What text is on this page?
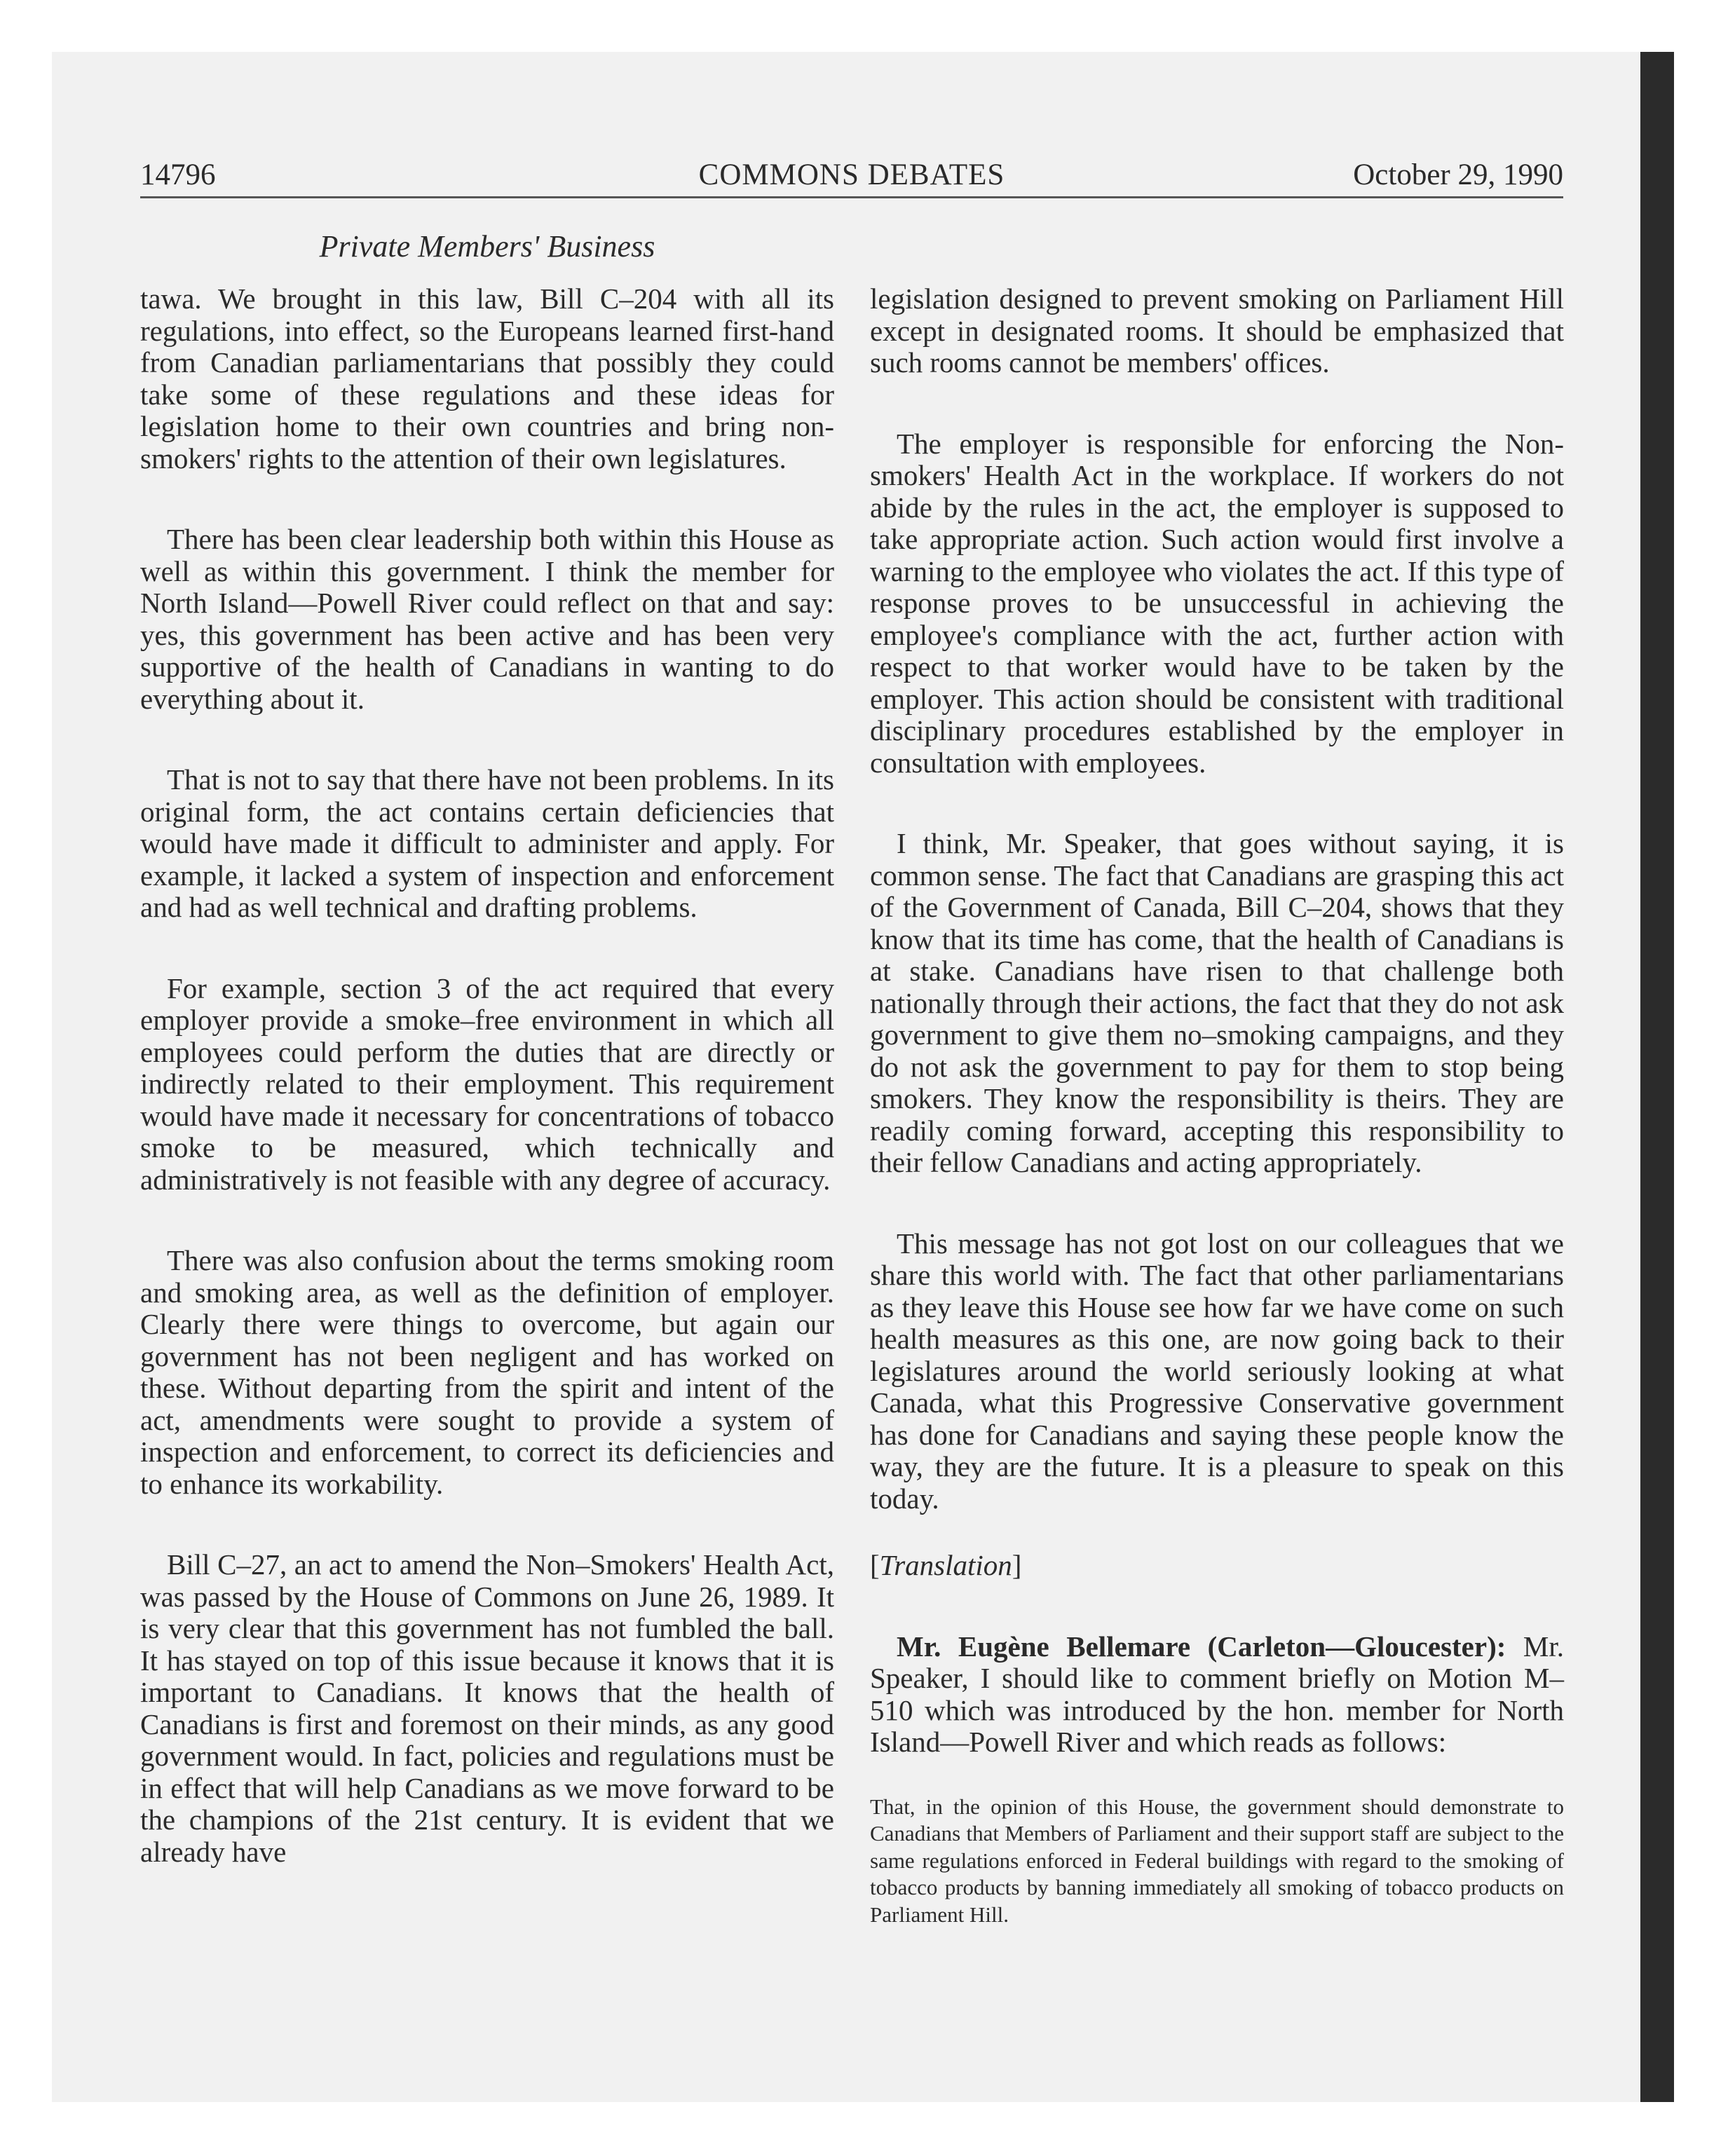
14796	COMMONS DEBATES	October 29, 1990
Private Members' Business

tawa. We brought in this law, Bill C–204 with all its regulations, into effect, so the Europeans learned first-hand from Canadian parliamentarians that possibly they could take some of these regulations and these ideas for legislation home to their own countries and bring non-smokers' rights to the attention of their own legislatures.

There has been clear leadership both within this House as well as within this government. I think the member for North Island—Powell River could reflect on that and say: yes, this government has been active and has been very supportive of the health of Canadians in wanting to do everything about it.

That is not to say that there have not been problems. In its original form, the act contains certain deficiencies that would have made it difficult to administer and apply. For example, it lacked a system of inspection and enforcement and had as well technical and drafting problems.

For example, section 3 of the act required that every employer provide a smoke–free environment in which all employees could perform the duties that are directly or indirectly related to their employment. This requirement would have made it necessary for concentrations of tobacco smoke to be measured, which technically and administratively is not feasible with any degree of accuracy.

There was also confusion about the terms smoking room and smoking area, as well as the definition of employer. Clearly there were things to overcome, but again our government has not been negligent and has worked on these. Without departing from the spirit and intent of the act, amendments were sought to provide a system of inspection and enforcement, to correct its deficiencies and to enhance its workability.

Bill C–27, an act to amend the Non–Smokers' Health Act, was passed by the House of Commons on June 26, 1989. It is very clear that this government has not fumbled the ball. It has stayed on top of this issue because it knows that it is important to Canadians. It knows that the health of Canadians is first and foremost on their minds, as any good government would. In fact, policies and regulations must be in effect that will help Canadians as we move forward to be the champions of the 21st century. It is evident that we already have

legislation designed to prevent smoking on Parliament Hill except in designated rooms. It should be emphasized that such rooms cannot be members' offices.

The employer is responsible for enforcing the Non-smokers' Health Act in the workplace. If workers do not abide by the rules in the act, the employer is supposed to take appropriate action. Such action would first involve a warning to the employee who violates the act. If this type of response proves to be unsuccessful in achieving the employee's compliance with the act, further action with respect to that worker would have to be taken by the employer. This action should be consistent with traditional disciplinary procedures established by the employer in consultation with employees.

I think, Mr. Speaker, that goes without saying, it is common sense. The fact that Canadians are grasping this act of the Government of Canada, Bill C–204, shows that they know that its time has come, that the health of Canadians is at stake. Canadians have risen to that challenge both nationally through their actions, the fact that they do not ask government to give them no–smoking campaigns, and they do not ask the government to pay for them to stop being smokers. They know the responsibility is theirs. They are readily coming forward, accepting this responsibility to their fellow Canadians and acting appropriately.

This message has not got lost on our colleagues that we share this world with. The fact that other parliamentarians as they leave this House see how far we have come on such health measures as this one, are now going back to their legislatures around the world seriously looking at what Canada, what this Progressive Conservative government has done for Canadians and saying these people know the way, they are the future. It is a pleasure to speak on this today.

[Translation]

Mr. Eugène Bellemare (Carleton—Gloucester): Mr. Speaker, I should like to comment briefly on Motion M–510 which was introduced by the hon. member for North Island—Powell River and which reads as follows:

That, in the opinion of this House, the government should demonstrate to Canadians that Members of Parliament and their support staff are subject to the same regulations enforced in Federal buildings with regard to the smoking of tobacco products by banning immediately all smoking of tobacco products on Parliament Hill.
